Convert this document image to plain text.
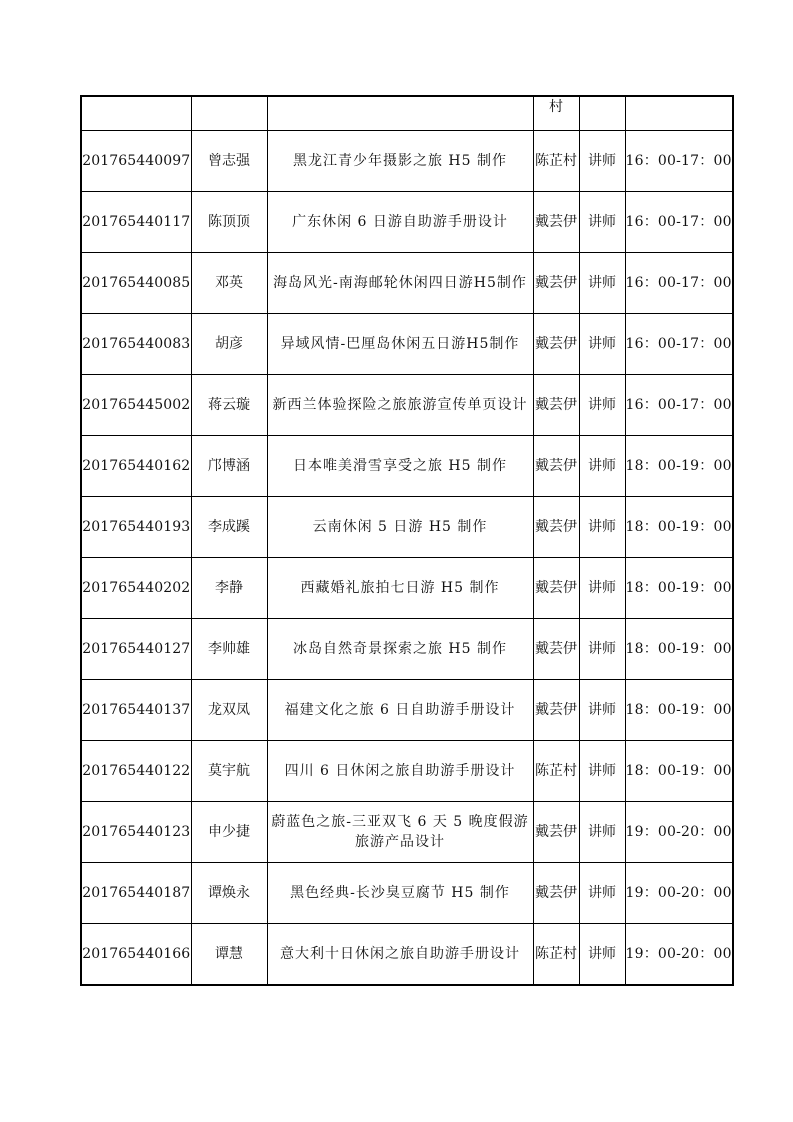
			村		
201765440097	曾志强	黑龙江青少年摄影之旅 H5 制作	陈芷村	讲师	16：00-17：00
201765440117	陈顶顶	广东休闲 6 日游自助游手册设计	戴芸伊	讲师	16：00-17：00
201765440085	邓英	海岛风光-南海邮轮休闲四日游H5制作	戴芸伊	讲师	16：00-17：00
201765440083	胡彦	异域风情-巴厘岛休闲五日游H5制作	戴芸伊	讲师	16：00-17：00
201765445002	蒋云璇	新西兰体验探险之旅旅游宣传单页设计	戴芸伊	讲师	16：00-17：00
201765440162	邝博涵	日本唯美滑雪享受之旅 H5 制作	戴芸伊	讲师	18：00-19：00
201765440193	李成蹊	云南休闲 5 日游 H5 制作	戴芸伊	讲师	18：00-19：00
201765440202	李静	西藏婚礼旅拍七日游 H5 制作	戴芸伊	讲师	18：00-19：00
201765440127	李帅雄	冰岛自然奇景探索之旅 H5 制作	戴芸伊	讲师	18：00-19：00
201765440137	龙双凤	福建文化之旅 6 日自助游手册设计	戴芸伊	讲师	18：00-19：00
201765440122	莫宇航	四川 6 日休闲之旅自助游手册设计	陈芷村	讲师	18：00-19：00
201765440123	申少捷	蔚蓝色之旅-三亚双飞 6 天 5 晚度假游旅游产品设计	戴芸伊	讲师	19：00-20：00
201765440187	谭焕永	黑色经典-长沙臭豆腐节 H5 制作	戴芸伊	讲师	19：00-20：00
201765440166	谭慧	意大利十日休闲之旅自助游手册设计	陈芷村	讲师	19：00-20：00
